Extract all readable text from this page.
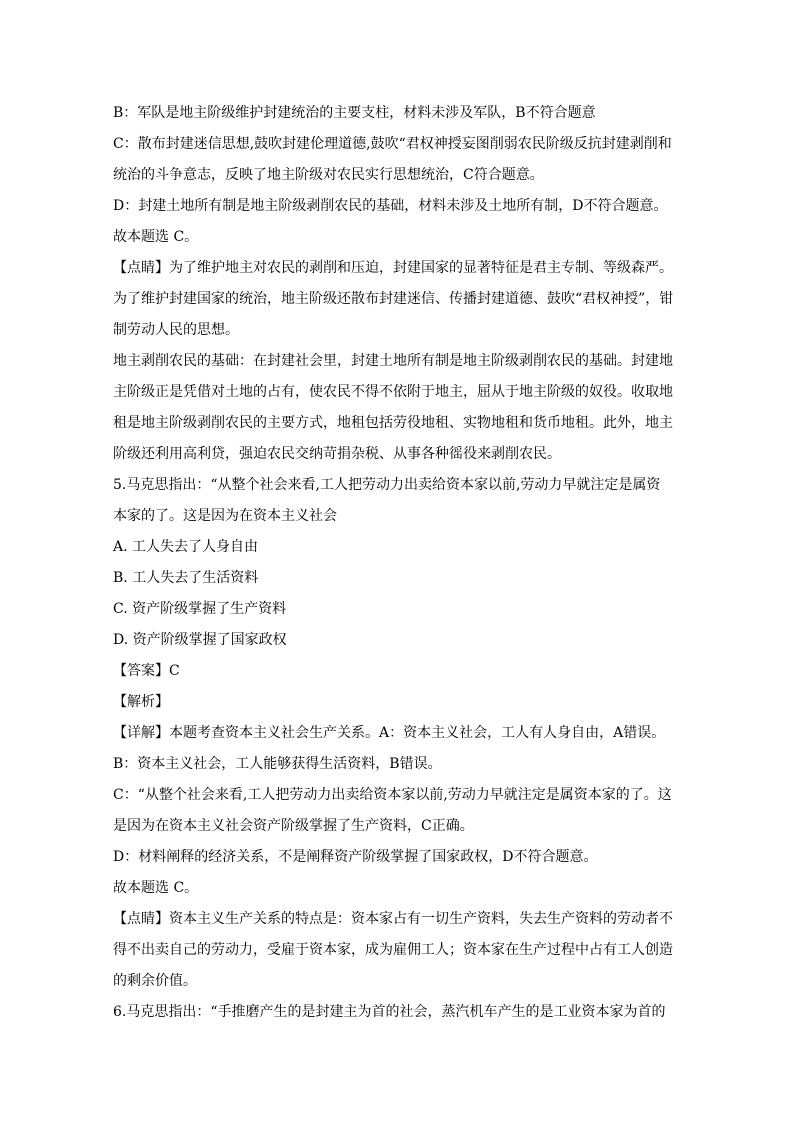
B：军队是地主阶级维护封建统治的主要支柱，材料未涉及军队，B不符合题意
C：散布封建迷信思想,鼓吹封建伦理道德,鼓吹“君权神授妄图削弱农民阶级反抗封建剥削和
统治的斗争意志，反映了地主阶级对农民实行思想统治，C符合题意。
D：封建土地所有制是地主阶级剥削农民的基础，材料未涉及土地所有制，D不符合题意。
故本题选 C。
【点睛】为了维护地主对农民的剥削和压迫，封建国家的显著特征是君主专制、等级森严。
为了维护封建国家的统治，地主阶级还散布封建迷信、传播封建道德、鼓吹“君权神授”，钳
制劳动人民的思想。
地主剥削农民的基础：在封建社会里，封建土地所有制是地主阶级剥削农民的基础。封建地
主阶级正是凭借对土地的占有，使农民不得不依附于地主，屈从于地主阶级的奴役。收取地
租是地主阶级剥削农民的主要方式，地租包括劳役地租、实物地租和货币地租。此外，地主
阶级还利用高利贷，强迫农民交纳苛捐杂税、从事各种徭役来剥削农民。
5.马克思指出：“从整个社会来看,工人把劳动力出卖给资本家以前,劳动力早就注定是属资
本家的了。这是因为在资本主义社会
A. 工人失去了人身自由
B. 工人失去了生活资料
C. 资产阶级掌握了生产资料
D. 资产阶级掌握了国家政权
【答案】C
【解析】
【详解】本题考查资本主义社会生产关系。A：资本主义社会，工人有人身自由，A错误。
B：资本主义社会，工人能够获得生活资料，B错误。
C：“从整个社会来看,工人把劳动力出卖给资本家以前,劳动力早就注定是属资本家的了。这
是因为在资本主义社会资产阶级掌握了生产资料，C正确。
D：材料阐释的经济关系，不是阐释资产阶级掌握了国家政权，D不符合题意。
故本题选 C。
【点睛】资本主义生产关系的特点是：资本家占有一切生产资料，失去生产资料的劳动者不
得不出卖自己的劳动力，受雇于资本家，成为雇佣工人；资本家在生产过程中占有工人创造
的剩余价值。
6.马克思指出：“手推磨产生的是封建主为首的社会，蒸汽机车产生的是工业资本家为首的
